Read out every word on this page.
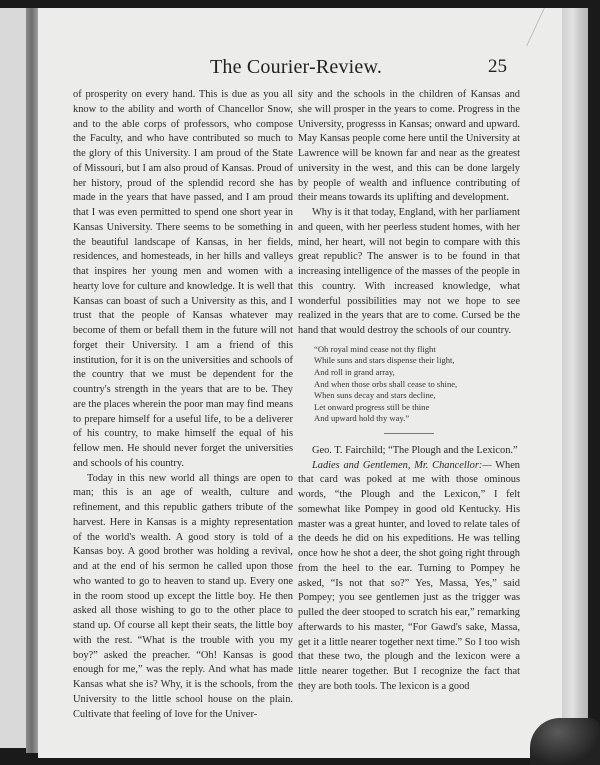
The Courier-Review.	25

of prosperity on every hand. This is due as you all know to the ability and worth of Chancellor Snow, and to the able corps of professors, who compose the Faculty, and who have contributed so much to the glory of this University. I am proud of the State of Missouri, but I am also proud of Kansas. Proud of her history, proud of the splendid record she has made in the years that have passed, and I am proud that I was even permitted to spend one short year in Kansas University. There seems to be something in the beautiful landscape of Kansas, in her fields, residences, and homesteads, in her hills and valleys that inspires her young men and women with a hearty love for culture and knowledge. It is well that Kansas can boast of such a University as this, and I trust that the people of Kansas whatever may become of them or befall them in the future will not forget their University. I am a friend of this institution, for it is on the universities and schools of the country that we must be dependent for the country's strength in the years that are to be. They are the places wherein the poor man may find means to prepare himself for a useful life, to be a deliverer of his country, to make himself the equal of his fellow men. He should never forget the universities and schools of his country.

Today in this new world all things are open to man; this is an age of wealth, culture and refinement, and this republic gathers tribute of the harvest. Here in Kansas is a mighty representation of the world's wealth. A good story is told of a Kansas boy. A good brother was holding a revival, and at the end of his sermon he called upon those who wanted to go to heaven to stand up. Every one in the room stood up except the little boy. He then asked all those wishing to go to the other place to stand up. Of course all kept their seats, the little boy with the rest. “What is the trouble with you my boy?” asked the preacher. “Oh! Kansas is good enough for me,” was the reply. And what has made Kansas what she is? Why, it is the schools, from the University to the little school house on the plain. Cultivate that feeling of love for the Univer-

sity and the schools in the children of Kansas and she will prosper in the years to come. Progress in the University, progresss in Kansas; onward and upward. May Kansas people come here until the University at Lawrence will be known far and near as the greatest university in the west, and this can be done largely by people of wealth and influence contributing of their means towards its uplifting and development.

Why is it that today, England, with her parliament and queen, with her peerless student homes, with her mind, her heart, will not begin to compare with this great republic? The answer is to be found in that increasing intelligence of the masses of the people in this country. With increased knowledge, what wonderful possibilities may not we hope to see realized in the years that are to come. Cursed be the hand that would destroy the schools of our country.

“Oh royal mind cease not thy flight
While suns and stars dispense their light,
And roll in grand array,
And when those orbs shall cease to shine,
When suns decay and stars decline,
Let onward progress still be thine
And upward hold thy way.”

Geo. T. Fairchild; “The Plough and the Lexicon.”

Ladies and Gentlemen, Mr. Chancellor:— When that card was poked at me with those ominous words, “the Plough and the Lexicon,” I felt somewhat like Pompey in good old Kentucky. His master was a great hunter, and loved to relate tales of the deeds he did on his expeditions. He was telling once how he shot a deer, the shot going right through from the heel to the ear. Turning to Pompey he asked, “Is not that so?” Yes, Massa, Yes,” said Pompey; you see gentlemen just as the trigger was pulled the deer stooped to scratch his ear,” remarking afterwards to his master, “For Gawd's sake, Massa, get it a little nearer together next time.” So I too wish that these two, the plough and the lexicon were a little nearer together. But I recognize the fact that they are both tools. The lexicon is a good
